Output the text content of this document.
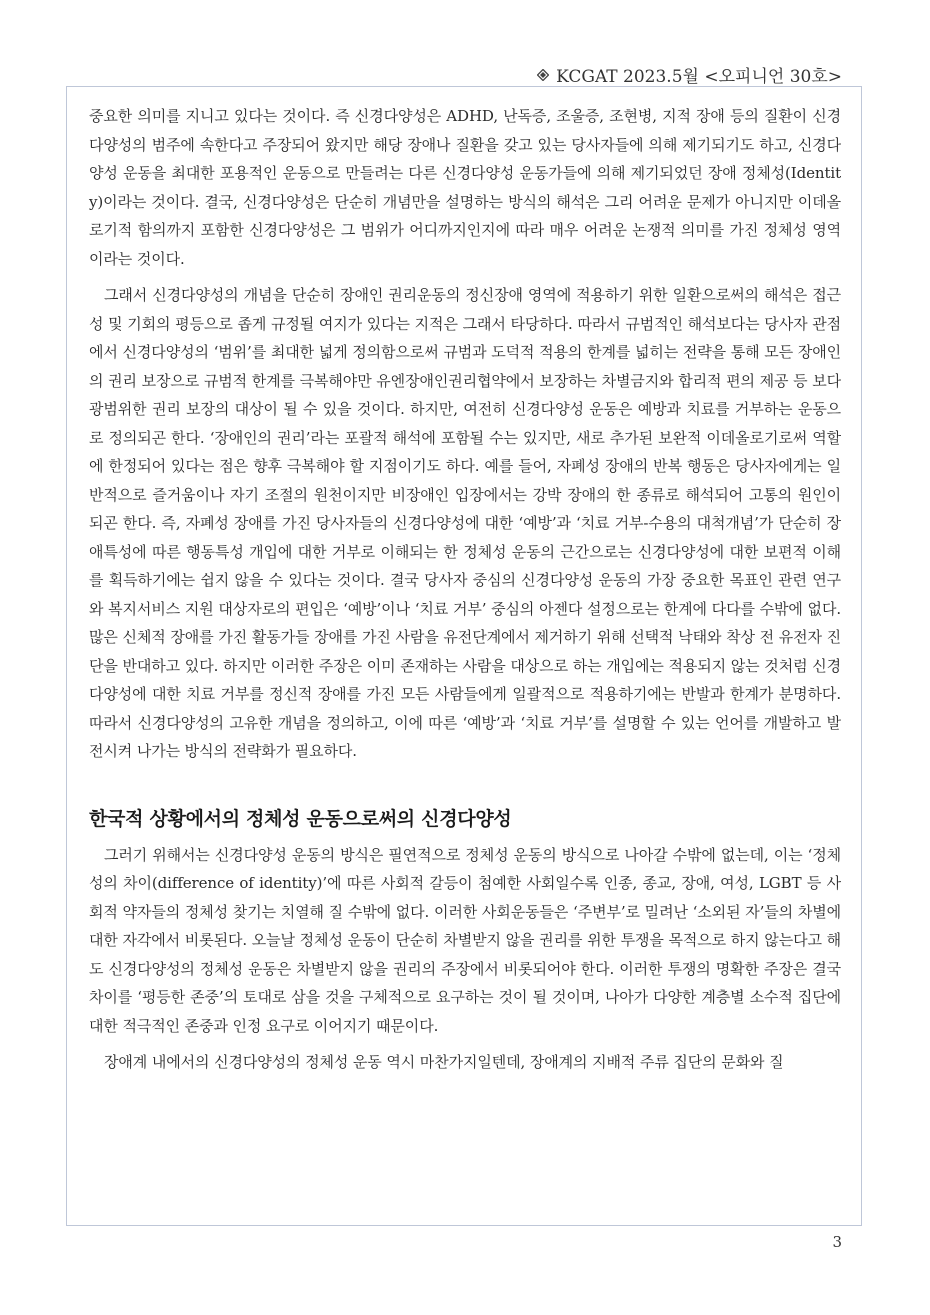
KCGAT 2023.5월 <오피니언 30호>

중요한 의미를 지니고 있다는 것이다. 즉 신경다양성은 ADHD, 난독증, 조울증, 조현병, 지적 장애 등의 질환이 신경다양성의 범주에 속한다고 주장되어 왔지만 해당 장애나 질환을 갖고 있는 당사자들에 의해 제기되기도 하고, 신경다양성 운동을 최대한 포용적인 운동으로 만들려는 다른 신경다양성 운동가들에 의해 제기되었던 장애 정체성(Identity)이라는 것이다. 결국, 신경다양성은 단순히 개념만을 설명하는 방식의 해석은 그리 어려운 문제가 아니지만 이데올로기적 함의까지 포함한 신경다양성은 그 범위가 어디까지인지에 따라 매우 어려운 논쟁적 의미를 가진 정체성 영역이라는 것이다.

그래서 신경다양성의 개념을 단순히 장애인 권리운동의 정신장애 영역에 적용하기 위한 일환으로써의 해석은 접근성 및 기회의 평등으로 좁게 규정될 여지가 있다는 지적은 그래서 타당하다. 따라서 규범적인 해석보다는 당사자 관점에서 신경다양성의 ‘범위’를 최대한 넓게 정의함으로써 규범과 도덕적 적용의 한계를 넓히는 전략을 통해 모든 장애인의 권리 보장으로 규범적 한계를 극복해야만 유엔장애인권리협약에서 보장하는 차별금지와 합리적 편의 제공 등 보다 광범위한 권리 보장의 대상이 될 수 있을 것이다. 하지만, 여전히 신경다양성 운동은 예방과 치료를 거부하는 운동으로 정의되곤 한다. ‘장애인의 권리’라는 포괄적 해석에 포함될 수는 있지만, 새로 추가된 보완적 이데올로기로써 역할에 한정되어 있다는 점은 향후 극복해야 할 지점이기도 하다. 예를 들어, 자폐성 장애의 반복 행동은 당사자에게는 일반적으로 즐거움이나 자기 조절의 원천이지만 비장애인 입장에서는 강박 장애의 한 종류로 해석되어 고통의 원인이 되곤 한다. 즉, 자폐성 장애를 가진 당사자들의 신경다양성에 대한 ‘예방’과 ‘치료 거부-수용의 대척개념’가 단순히 장애특성에 따른 행동특성 개입에 대한 거부로 이해되는 한 정체성 운동의 근간으로는 신경다양성에 대한 보편적 이해를 획득하기에는 쉽지 않을 수 있다는 것이다. 결국 당사자 중심의 신경다양성 운동의 가장 중요한 목표인 관련 연구와 복지서비스 지원 대상자로의 편입은 ‘예방’이나 ‘치료 거부’ 중심의 아젠다 설정으로는 한계에 다다를 수밖에 없다. 많은 신체적 장애를 가진 활동가들 장애를 가진 사람을 유전단계에서 제거하기 위해 선택적 낙태와 착상 전 유전자 진단을 반대하고 있다. 하지만 이러한 주장은 이미 존재하는 사람을 대상으로 하는 개입에는 적용되지 않는 것처럼 신경다양성에 대한 치료 거부를 정신적 장애를 가진 모든 사람들에게 일괄적으로 적용하기에는 반발과 한계가 분명하다. 따라서 신경다양성의 고유한 개념을 정의하고, 이에 따른 ‘예방’과 ‘치료 거부’를 설명할 수 있는 언어를 개발하고 발전시켜 나가는 방식의 전략화가 필요하다.

한국적 상황에서의 정체성 운동으로써의 신경다양성

그러기 위해서는 신경다양성 운동의 방식은 필연적으로 정체성 운동의 방식으로 나아갈 수밖에 없는데, 이는 ‘정체성의 차이(difference of identity)’에 따른 사회적 갈등이 첨예한 사회일수록 인종, 종교, 장애, 여성, LGBT 등 사회적 약자들의 정체성 찾기는 치열해 질 수밖에 없다. 이러한 사회운동들은 ‘주변부’로 밀려난 ‘소외된 자’들의 차별에 대한 자각에서 비롯된다. 오늘날 정체성 운동이 단순히 차별받지 않을 권리를 위한 투쟁을 목적으로 하지 않는다고 해도 신경다양성의 정체성 운동은 차별받지 않을 권리의 주장에서 비롯되어야 한다. 이러한 투쟁의 명확한 주장은 결국 차이를 ‘평등한 존중’의 토대로 삼을 것을 구체적으로 요구하는 것이 될 것이며, 나아가 다양한 계층별 소수적 집단에 대한 적극적인 존중과 인정 요구로 이어지기 때문이다.

장애계 내에서의 신경다양성의 정체성 운동 역시 마찬가지일텐데, 장애계의 지배적 주류 집단의 문화와 질

3
